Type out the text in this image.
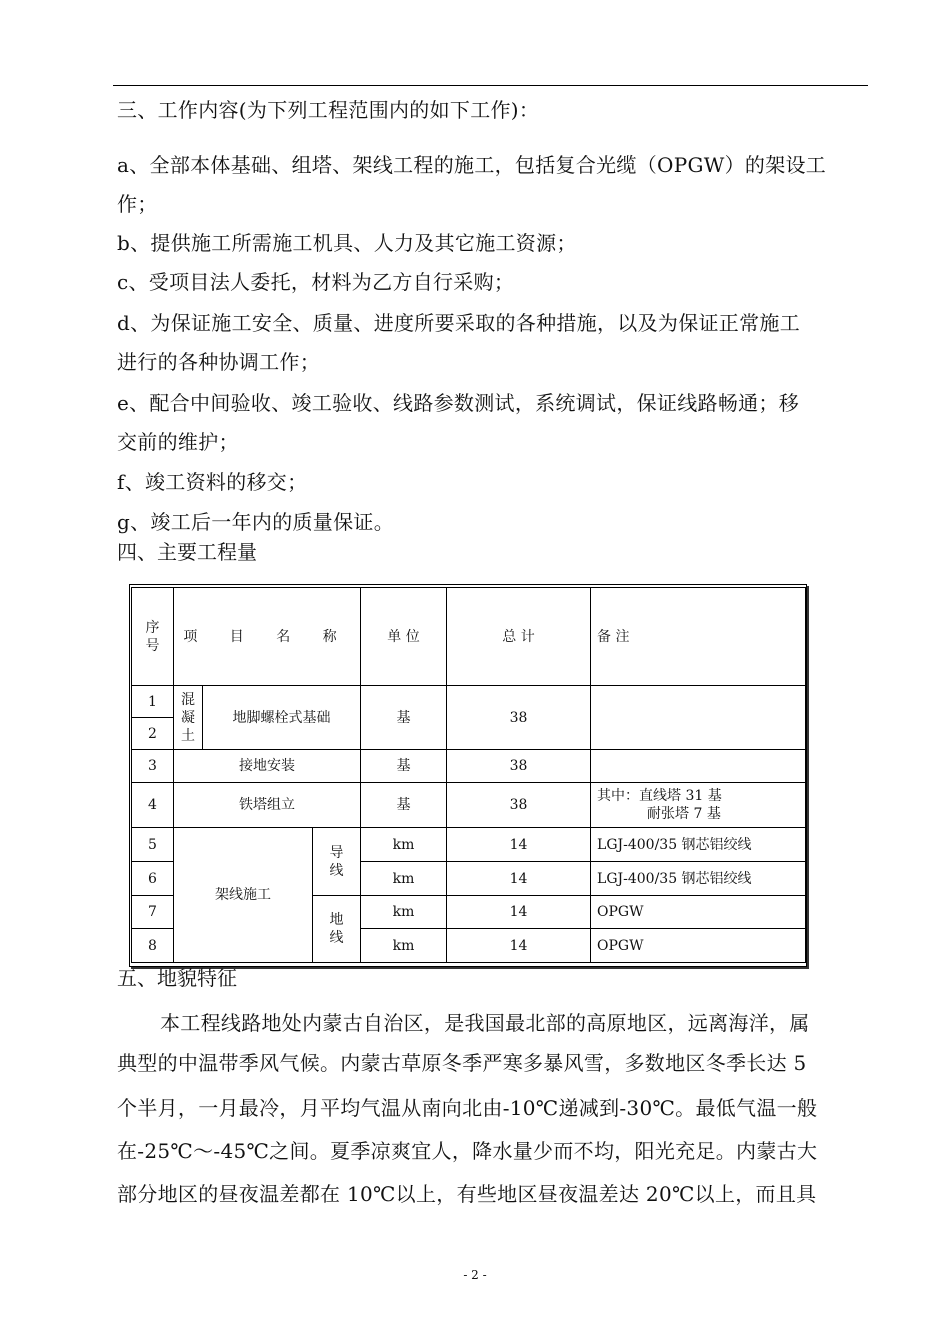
三、工作内容(为下列工程范围内的如下工作)：
a、全部本体基础、组塔、架线工程的施工，包括复合光缆（OPGW）的架设工
作；
b、提供施工所需施工机具、人力及其它施工资源；
c、受项目法人委托，材料为乙方自行采购；
d、为保证施工安全、质量、进度所要采取的各种措施，以及为保证正常施工
进行的各种协调工作；
e、配合中间验收、竣工验收、线路参数测试，系统调试，保证线路畅通；移
交前的维护；
f、竣工资料的移交；
g、竣工后一年内的质量保证。
四、主要工程量
序
号	项 目 名 称			单 位	总 计	备 注
1	混
凝
土	地脚螺栓式基础		基	38	
2						
3	接地安装			基	38	
4	铁塔组立			基	38	其中：直线塔 31 基
耐张塔 7 基

5	架线施工		导
线	km	14	LGJ-400/35 钢芯铝绞线
6				km	14	LGJ-400/35 钢芯铝绞线
7			地
线	km	14	OPGW
8				km	14	OPGW
五、地貌特征
本工程线路地处内蒙古自治区，是我国最北部的高原地区，远离海洋，属
典型的中温带季风气候。内蒙古草原冬季严寒多暴风雪，多数地区冬季长达 5
个半月，一月最冷，月平均气温从南向北由-10℃递减到-30℃。最低气温一般
在-25℃～-45℃之间。夏季凉爽宜人，降水量少而不均，阳光充足。内蒙古大
部分地区的昼夜温差都在 10℃以上，有些地区昼夜温差达 20℃以上，而且具
- 2 -
